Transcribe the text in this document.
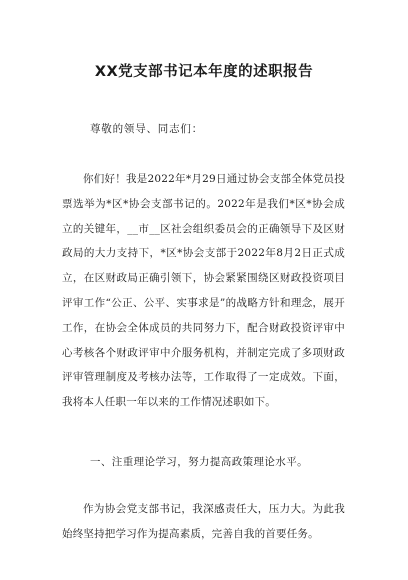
XX党支部书记本年度的述职报告
尊敬的领导、同志们：

你们好！我是2022年*月29日通过协会支部全体党员投票选举为*区*协会支部书记的。2022年是我们*区*协会成立的关键年，__市__区社会组织委员会的正确领导下及区财政局的大力支持下，*区*协会支部于2022年8月2日正式成立，在区财政局正确引领下，协会紧紧围绕区财政投资项目评审工作“公正、公平、实事求是”的战略方针和理念，展开工作，在协会全体成员的共同努力下，配合财政投资评审中心考核各个财政评审中介服务机构，并制定完成了多项财政评审管理制度及考核办法等，工作取得了一定成效。下面，我将本人任职一年以来的工作情况述职如下。

一、注重理论学习，努力提高政策理论水平。

作为协会党支部书记，我深感责任大，压力大。为此我始终坚持把学习作为提高素质，完善自我的首要任务。
